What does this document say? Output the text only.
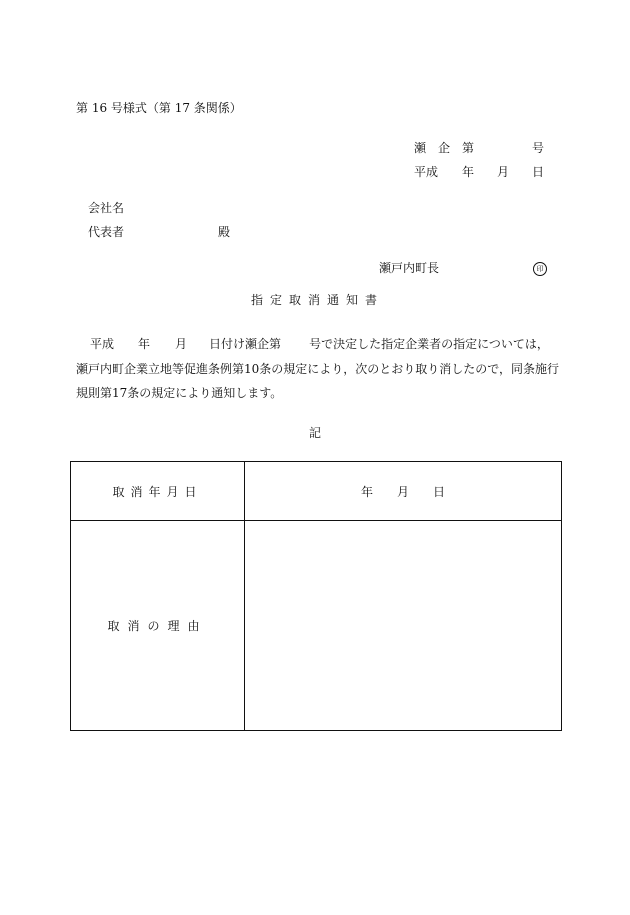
第 16 号様式（第 17 条関係）
瀬　企　第	号
平成 年 月 日
会社名
代表者	殿
瀬戸内町長	印
指定取消通知書
平成 年 月 日付け瀬企第 号で決定した指定企業者の指定については，
瀬戸内町企業立地等促進条例第10条の規定により，次のとおり取り消したので，同条施行
規則第17条の規定により通知します。
記
取消年月日	年 月 日
取消の理由	
